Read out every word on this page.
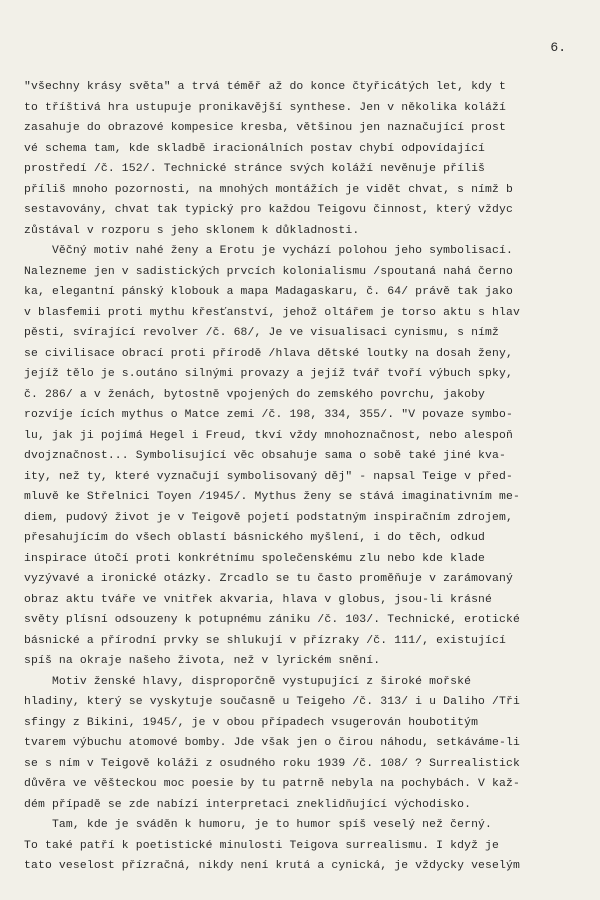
6.
"všechny krásy světa" a trvá téměř až do konce čtyřicátých let, kdy t
to tříštivá hra ustupuje pronikavější synthese. Jen v několika koláží
zasahuje do obrazové kompesice kresba, většinou jen naznačující prost
vé schema tam, kde skladbě iracionálních postav chybí odpovídající
prostředí /č. 152/. Technické stránce svých koláží nevěnuje příliš
příliš mnoho pozornosti, na mnohých montážích je vidět chvat, s nímž b
sestavovány, chvat tak typický pro každou Teigovu činnost, který vždyc
zůstával v rozporu s jeho sklonem k důkladnosti.
Věčný motiv nahé ženy a Erotu je vychází polohou jeho symbolisací.
Nalezneme jen v sadistických prvcích kolonialismu /spoutaná nahá černo
ka, elegantní pánský klobouk a mapa Madagaskaru, č. 64/ právě tak jako
v blasfemii proti mythu křesťanství, jehož oltářem je torso aktu s hlav
pěsti, svírající revolver /č. 68/, Je ve visualisaci cynismu, s nímž
se civilisace obrací proti přírodě /hlava dětské loutky na dosah ženy,
jejíž tělo je s.outáno silnými provazy a jejíž tvář tvoří výbuch spky,
č. 286/ a v ženách, bytostně vpojených do zemského povrchu, jakoby
rozvíje ících mythus o Matce zemi /č. 198, 334, 355/. "V povaze symbo-
lu, jak ji pojímá Hegel i Freud, tkví vždy mnohoznačnost, nebo alespoň
dvojznačnost... Symbolisující věc obsahuje sama o sobě také jiné kva-
ity, než ty, které vyznačují symbolisovaný děj" - napsal Teige v před-
mluvě ke Střelnici Toyen /1945/. Mythus ženy se stává imaginativním me-
diem, pudový život je v Teigově pojetí podstatným inspiračním zdrojem,
přesahujícím do všech oblastí básnického myšlení, i do těch, odkud
inspirace útočí proti konkrétnímu společenskému zlu nebo kde klade
vyzývavé a ironické otázky. Zrcadlo se tu často proměňuje v zarámovaný
obraz aktu tváře ve vnitřek akvaria, hlava v globus, jsou-li krásné
světy plísní odsouzeny k potupnému zániku /č. 103/. Technické, erotické
básnické a přírodní prvky se shlukují v přízraky /č. 111/, existující
spíš na okraje našeho života, než v lyrickém snění.
Motiv ženské hlavy, disproporčně vystupující z široké mořské
hladiny, který se vyskytuje současně u Teigeho /č. 313/ i u Daliho /Tři
sfingy z Bikini, 1945/, je v obou případech vsugerován houbotitým
tvarem výbuchu atomové bomby. Jde však jen o čirou náhodu, setkáváme-li
se s ním v Teigově koláži z osudného roku 1939 /č. 108/ ? Surrealistick
důvěra ve věšteckou moc poesie by tu patrně nebyla na pochybách. V kaž-
dém případě se zde nabízí interpretaci zneklidňující východisko.
Tam, kde je sváděn k humoru, je to humor spíš veselý než černý.
To také patří k poetistické minulosti Teigova surrealismu. I když je
tato veselost přízračná, nikdy není krutá a cynická, je vždycky veselým
